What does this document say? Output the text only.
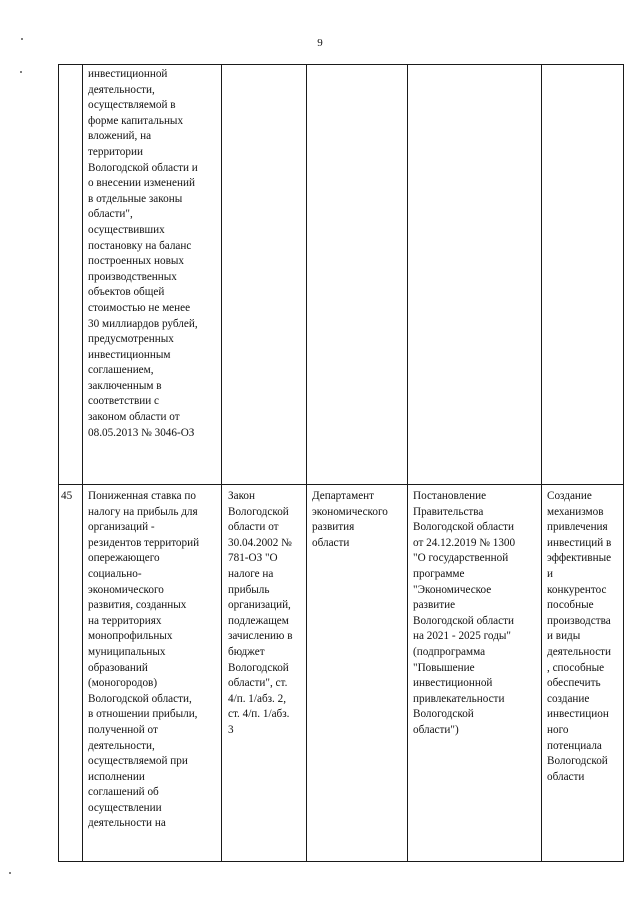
9
инвестиционной
деятельности,
осуществляемой в
форме капитальных
вложений, на
территории
Вологодской области и
о внесении изменений
в отдельные законы
области",
осуществивших
постановку на баланс
построенных новых
производственных
объектов общей
стоимостью не менее
30 миллиардов рублей,
предусмотренных
инвестиционным
соглашением,
заключенным в
соответствии с
законом области от
08.05.2013 № 3046-ОЗ
45	Пониженная ставка по
налогу на прибыль для
организаций -
резидентов территорий
опережающего
социально-
экономического
развития, созданных
на территориях
монопрофильных
муниципальных
образований
(моногородов)
Вологодской области,
в отношении прибыли,
полученной от
деятельности,
осуществляемой при
исполнении
соглашений об
осуществлении
деятельности на
Закон
Вологодской
области от
30.04.2002 №
781-ОЗ "О
налоге на
прибыль
организаций,
подлежащем
зачислению в
бюджет
Вологодской
области", ст.
4/п. 1/абз. 2,
ст. 4/п. 1/абз.
3
Департамент
экономического
развития
области
Постановление
Правительства
Вологодской области
от 24.12.2019 № 1300
"О государственной
программе
"Экономическое
развитие
Вологодской области
на 2021 - 2025 годы"
(подпрограмма
"Повышение
инвестиционной
привлекательности
Вологодской
области")
Создание
механизмов
привлечения
инвестиций в
эффективные
и
конкурентос
пособные
производства
и виды
деятельности
, способные
обеспечить
создание
инвестицион
ного
потенциала
Вологодской
области
